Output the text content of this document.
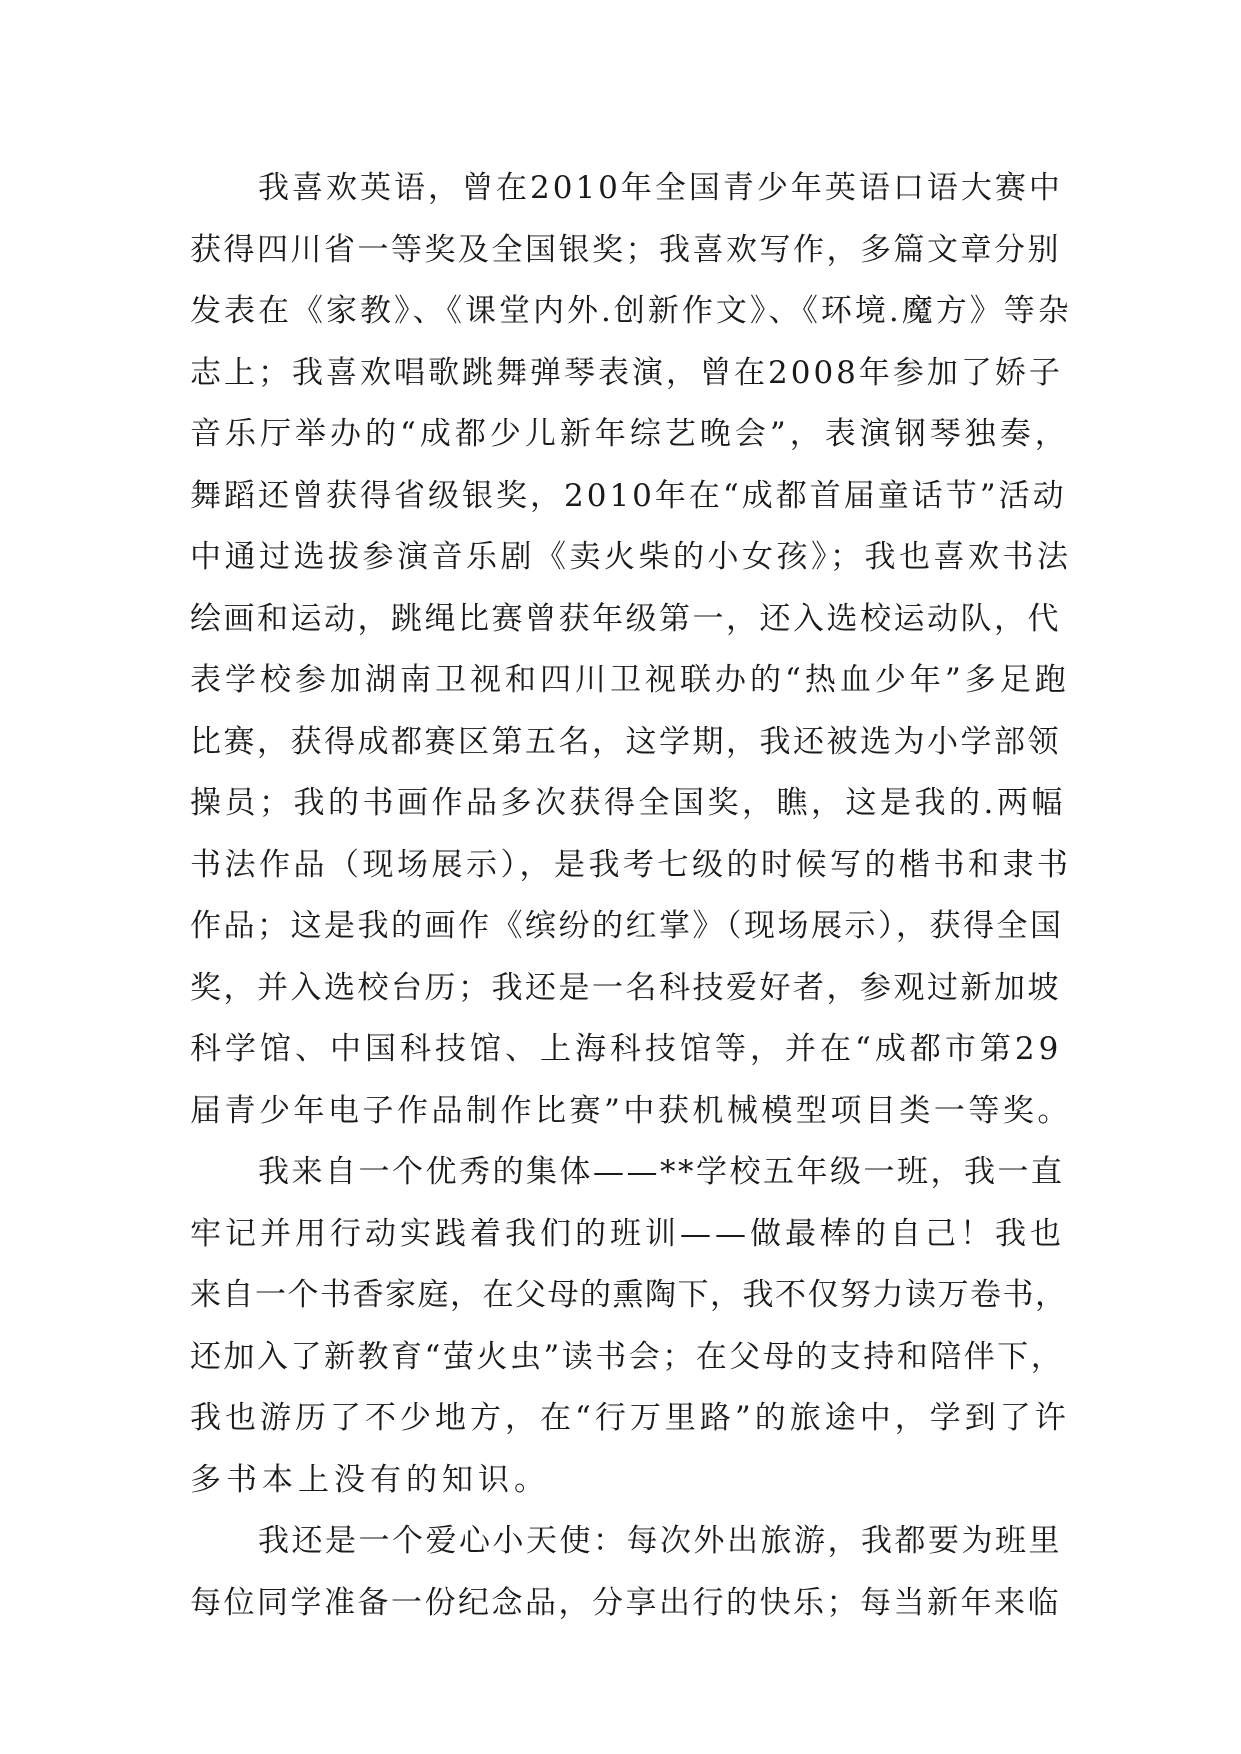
我喜欢英语，曾在2010年全国青少年英语口语大赛中
获得四川省一等奖及全国银奖；我喜欢写作，多篇文章分别
发表在《家教》、《课堂内外.创新作文》、《环境.魔方》等杂
志上；我喜欢唱歌跳舞弹琴表演，曾在2008年参加了娇子
音乐厅举办的“成都少儿新年综艺晚会”，表演钢琴独奏，
舞蹈还曾获得省级银奖，2010年在“成都首届童话节”活动
中通过选拔参演音乐剧《卖火柴的小女孩》；我也喜欢书法
绘画和运动，跳绳比赛曾获年级第一，还入选校运动队，代
表学校参加湖南卫视和四川卫视联办的“热血少年”多足跑
比赛，获得成都赛区第五名，这学期，我还被选为小学部领
操员；我的书画作品多次获得全国奖，瞧，这是我的.两幅
书法作品（现场展示），是我考七级的时候写的楷书和隶书
作品；这是我的画作《缤纷的红掌》（现场展示），获得全国
奖，并入选校台历；我还是一名科技爱好者，参观过新加坡
科学馆、中国科技馆、上海科技馆等，并在“成都市第29
届青少年电子作品制作比赛”中获机械模型项目类一等奖。
我来自一个优秀的集体——**学校五年级一班，我一直
牢记并用行动实践着我们的班训——做最棒的自己！我也
来自一个书香家庭，在父母的熏陶下，我不仅努力读万卷书，
还加入了新教育“萤火虫”读书会；在父母的支持和陪伴下，
我也游历了不少地方，在“行万里路”的旅途中，学到了许
多书本上没有的知识。
我还是一个爱心小天使：每次外出旅游，我都要为班里
每位同学准备一份纪念品，分享出行的快乐；每当新年来临
